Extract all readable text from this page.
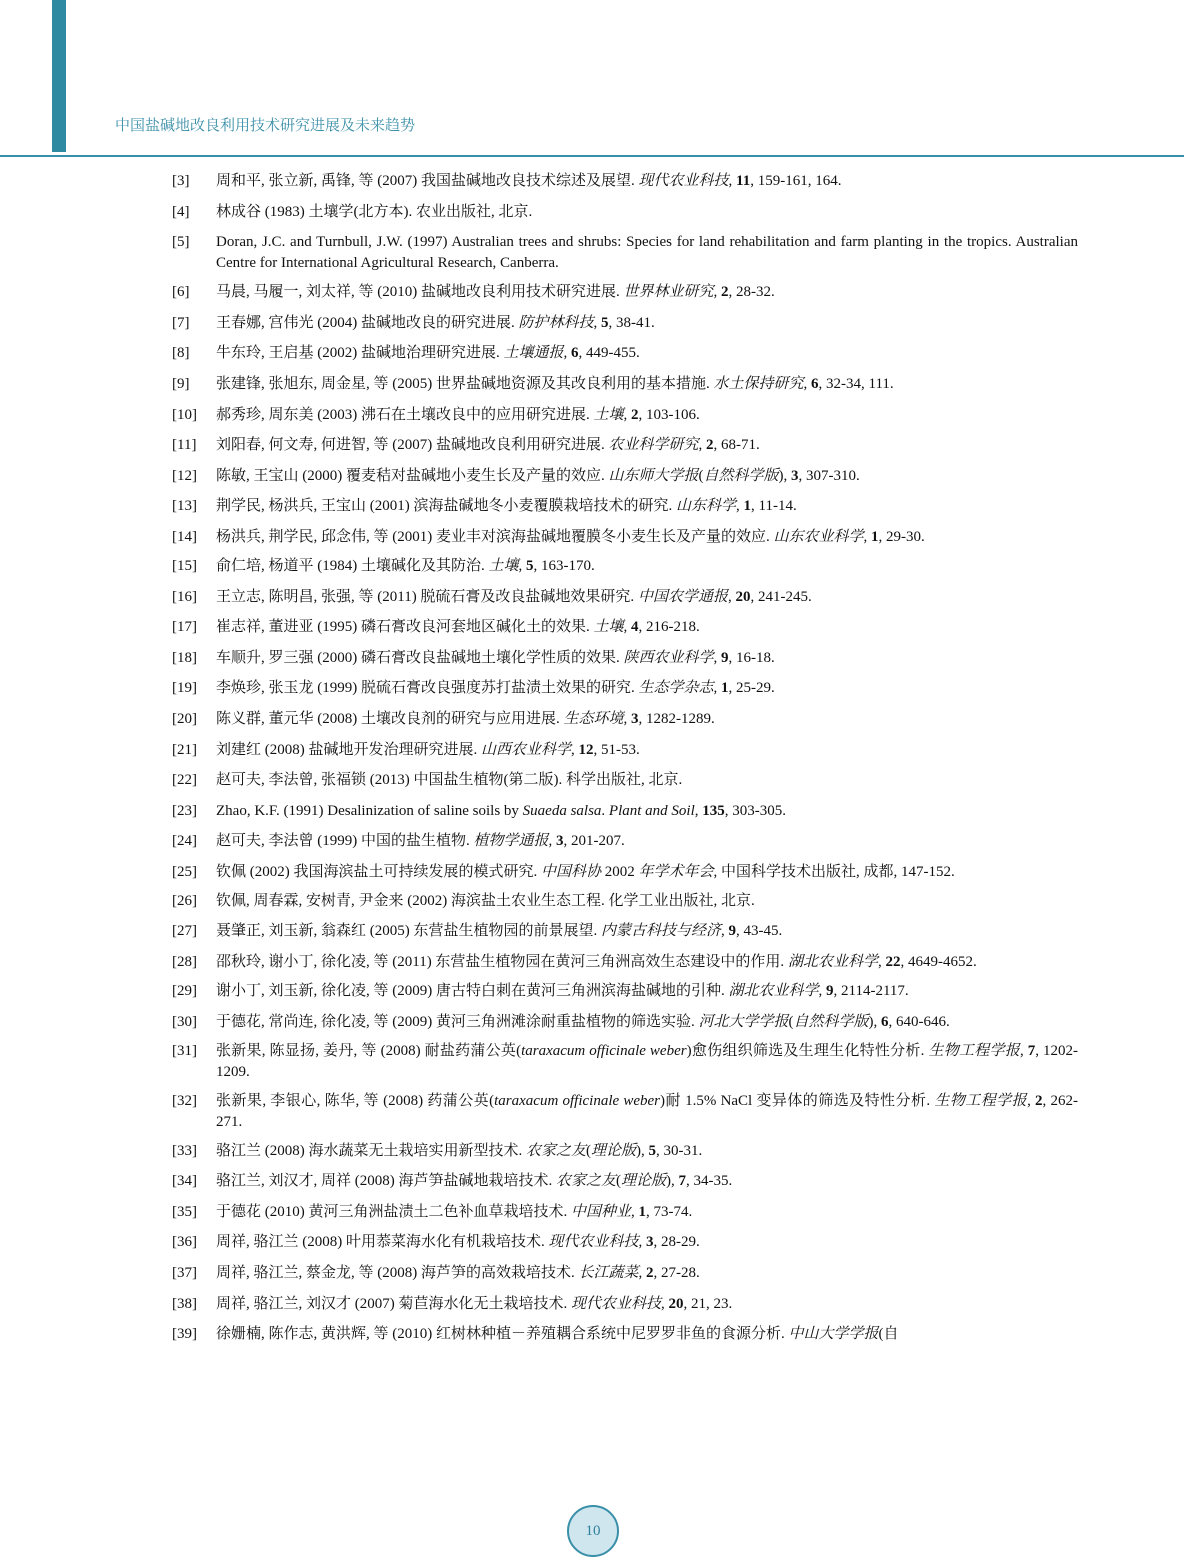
中国盐碱地改良利用技术研究进展及未来趋势
[3]	周和平, 张立新, 禹锋, 等 (2007) 我国盐碱地改良技术综述及展望. 现代农业科技, 11, 159-161, 164.
[4]	林成谷 (1983) 土壤学(北方本). 农业出版社, 北京.
[5]	Doran, J.C. and Turnbull, J.W. (1997) Australian trees and shrubs: Species for land rehabilitation and farm planting in the tropics. Australian Centre for International Agricultural Research, Canberra.
[6]	马晨, 马履一, 刘太祥, 等 (2010) 盐碱地改良利用技术研究进展. 世界林业研究, 2, 28-32.
[7]	王春娜, 宫伟光 (2004) 盐碱地改良的研究进展. 防护林科技, 5, 38-41.
[8]	牛东玲, 王启基 (2002) 盐碱地治理研究进展. 土壤通报, 6, 449-455.
[9]	张建锋, 张旭东, 周金星, 等 (2005) 世界盐碱地资源及其改良利用的基本措施. 水土保持研究, 6, 32-34, 111.
[10]	郝秀珍, 周东美 (2003) 沸石在土壤改良中的应用研究进展. 土壤, 2, 103-106.
[11]	刘阳春, 何文寿, 何进智, 等 (2007) 盐碱地改良利用研究进展. 农业科学研究, 2, 68-71.
[12]	陈敏, 王宝山 (2000) 覆麦秸对盐碱地小麦生长及产量的效应. 山东师大学报(自然科学版), 3, 307-310.
[13]	荆学民, 杨洪兵, 王宝山 (2001) 滨海盐碱地冬小麦覆膜栽培技术的研究. 山东科学, 1, 11-14.
[14]	杨洪兵, 荆学民, 邱念伟, 等 (2001) 麦业丰对滨海盐碱地覆膜冬小麦生长及产量的效应. 山东农业科学, 1, 29-30.
[15]	俞仁培, 杨道平 (1984) 土壤碱化及其防治. 土壤, 5, 163-170.
[16]	王立志, 陈明昌, 张强, 等 (2011) 脱硫石膏及改良盐碱地效果研究. 中国农学通报, 20, 241-245.
[17]	崔志祥, 董进亚 (1995) 磷石膏改良河套地区碱化土的效果. 土壤, 4, 216-218.
[18]	车顺升, 罗三强 (2000) 磷石膏改良盐碱地土壤化学性质的效果. 陕西农业科学, 9, 16-18.
[19]	李焕珍, 张玉龙 (1999) 脱硫石膏改良强度苏打盐渍土效果的研究. 生态学杂志, 1, 25-29.
[20]	陈义群, 董元华 (2008) 土壤改良剂的研究与应用进展. 生态环境, 3, 1282-1289.
[21]	刘建红 (2008) 盐碱地开发治理研究进展. 山西农业科学, 12, 51-53.
[22]	赵可夫, 李法曾, 张福锁 (2013) 中国盐生植物(第二版). 科学出版社, 北京.
[23]	Zhao, K.F. (1991) Desalinization of saline soils by Suaeda salsa. Plant and Soil, 135, 303-305.
[24]	赵可夫, 李法曾 (1999) 中国的盐生植物. 植物学通报, 3, 201-207.
[25]	钦佩 (2002) 我国海滨盐土可持续发展的模式研究. 中国科协 2002 年学术年会, 中国科学技术出版社, 成都, 147-152.
[26]	钦佩, 周春霖, 安树青, 尹金来 (2002) 海滨盐土农业生态工程. 化学工业出版社, 北京.
[27]	聂肇正, 刘玉新, 翁森红 (2005) 东营盐生植物园的前景展望. 内蒙古科技与经济, 9, 43-45.
[28]	邵秋玲, 谢小丁, 徐化凌, 等 (2011) 东营盐生植物园在黄河三角洲高效生态建设中的作用. 湖北农业科学, 22, 4649-4652.
[29]	谢小丁, 刘玉新, 徐化凌, 等 (2009) 唐古特白刺在黄河三角洲滨海盐碱地的引种. 湖北农业科学, 9, 2114-2117.
[30]	于德花, 常尚连, 徐化凌, 等 (2009) 黄河三角洲滩涂耐重盐植物的筛选实验. 河北大学学报(自然科学版), 6, 640-646.
[31]	张新果, 陈显扬, 姜丹, 等 (2008) 耐盐药蒲公英(taraxacum officinale weber)愈伤组织筛选及生理生化特性分析. 生物工程学报, 7, 1202-1209.
[32]	张新果, 李银心, 陈华, 等 (2008) 药蒲公英(taraxacum officinale weber)耐 1.5% NaCl 变异体的筛选及特性分析. 生物工程学报, 2, 262-271.
[33]	骆江兰 (2008) 海水蔬菜无土栽培实用新型技术. 农家之友(理论版), 5, 30-31.
[34]	骆江兰, 刘汉才, 周祥 (2008) 海芦笋盐碱地栽培技术. 农家之友(理论版), 7, 34-35.
[35]	于德花 (2010) 黄河三角洲盐渍土二色补血草栽培技术. 中国种业, 1, 73-74.
[36]	周祥, 骆江兰 (2008) 叶用菾菜海水化有机栽培技术. 现代农业科技, 3, 28-29.
[37]	周祥, 骆江兰, 蔡金龙, 等 (2008) 海芦笋的高效栽培技术. 长江蔬菜, 2, 27-28.
[38]	周祥, 骆江兰, 刘汉才 (2007) 菊苣海水化无土栽培技术. 现代农业科技, 20, 21, 23.
[39]	徐姗楠, 陈作志, 黄洪辉, 等 (2010) 红树林种植－养殖耦合系统中尼罗罗非鱼的食源分析. 中山大学学报(自
10
